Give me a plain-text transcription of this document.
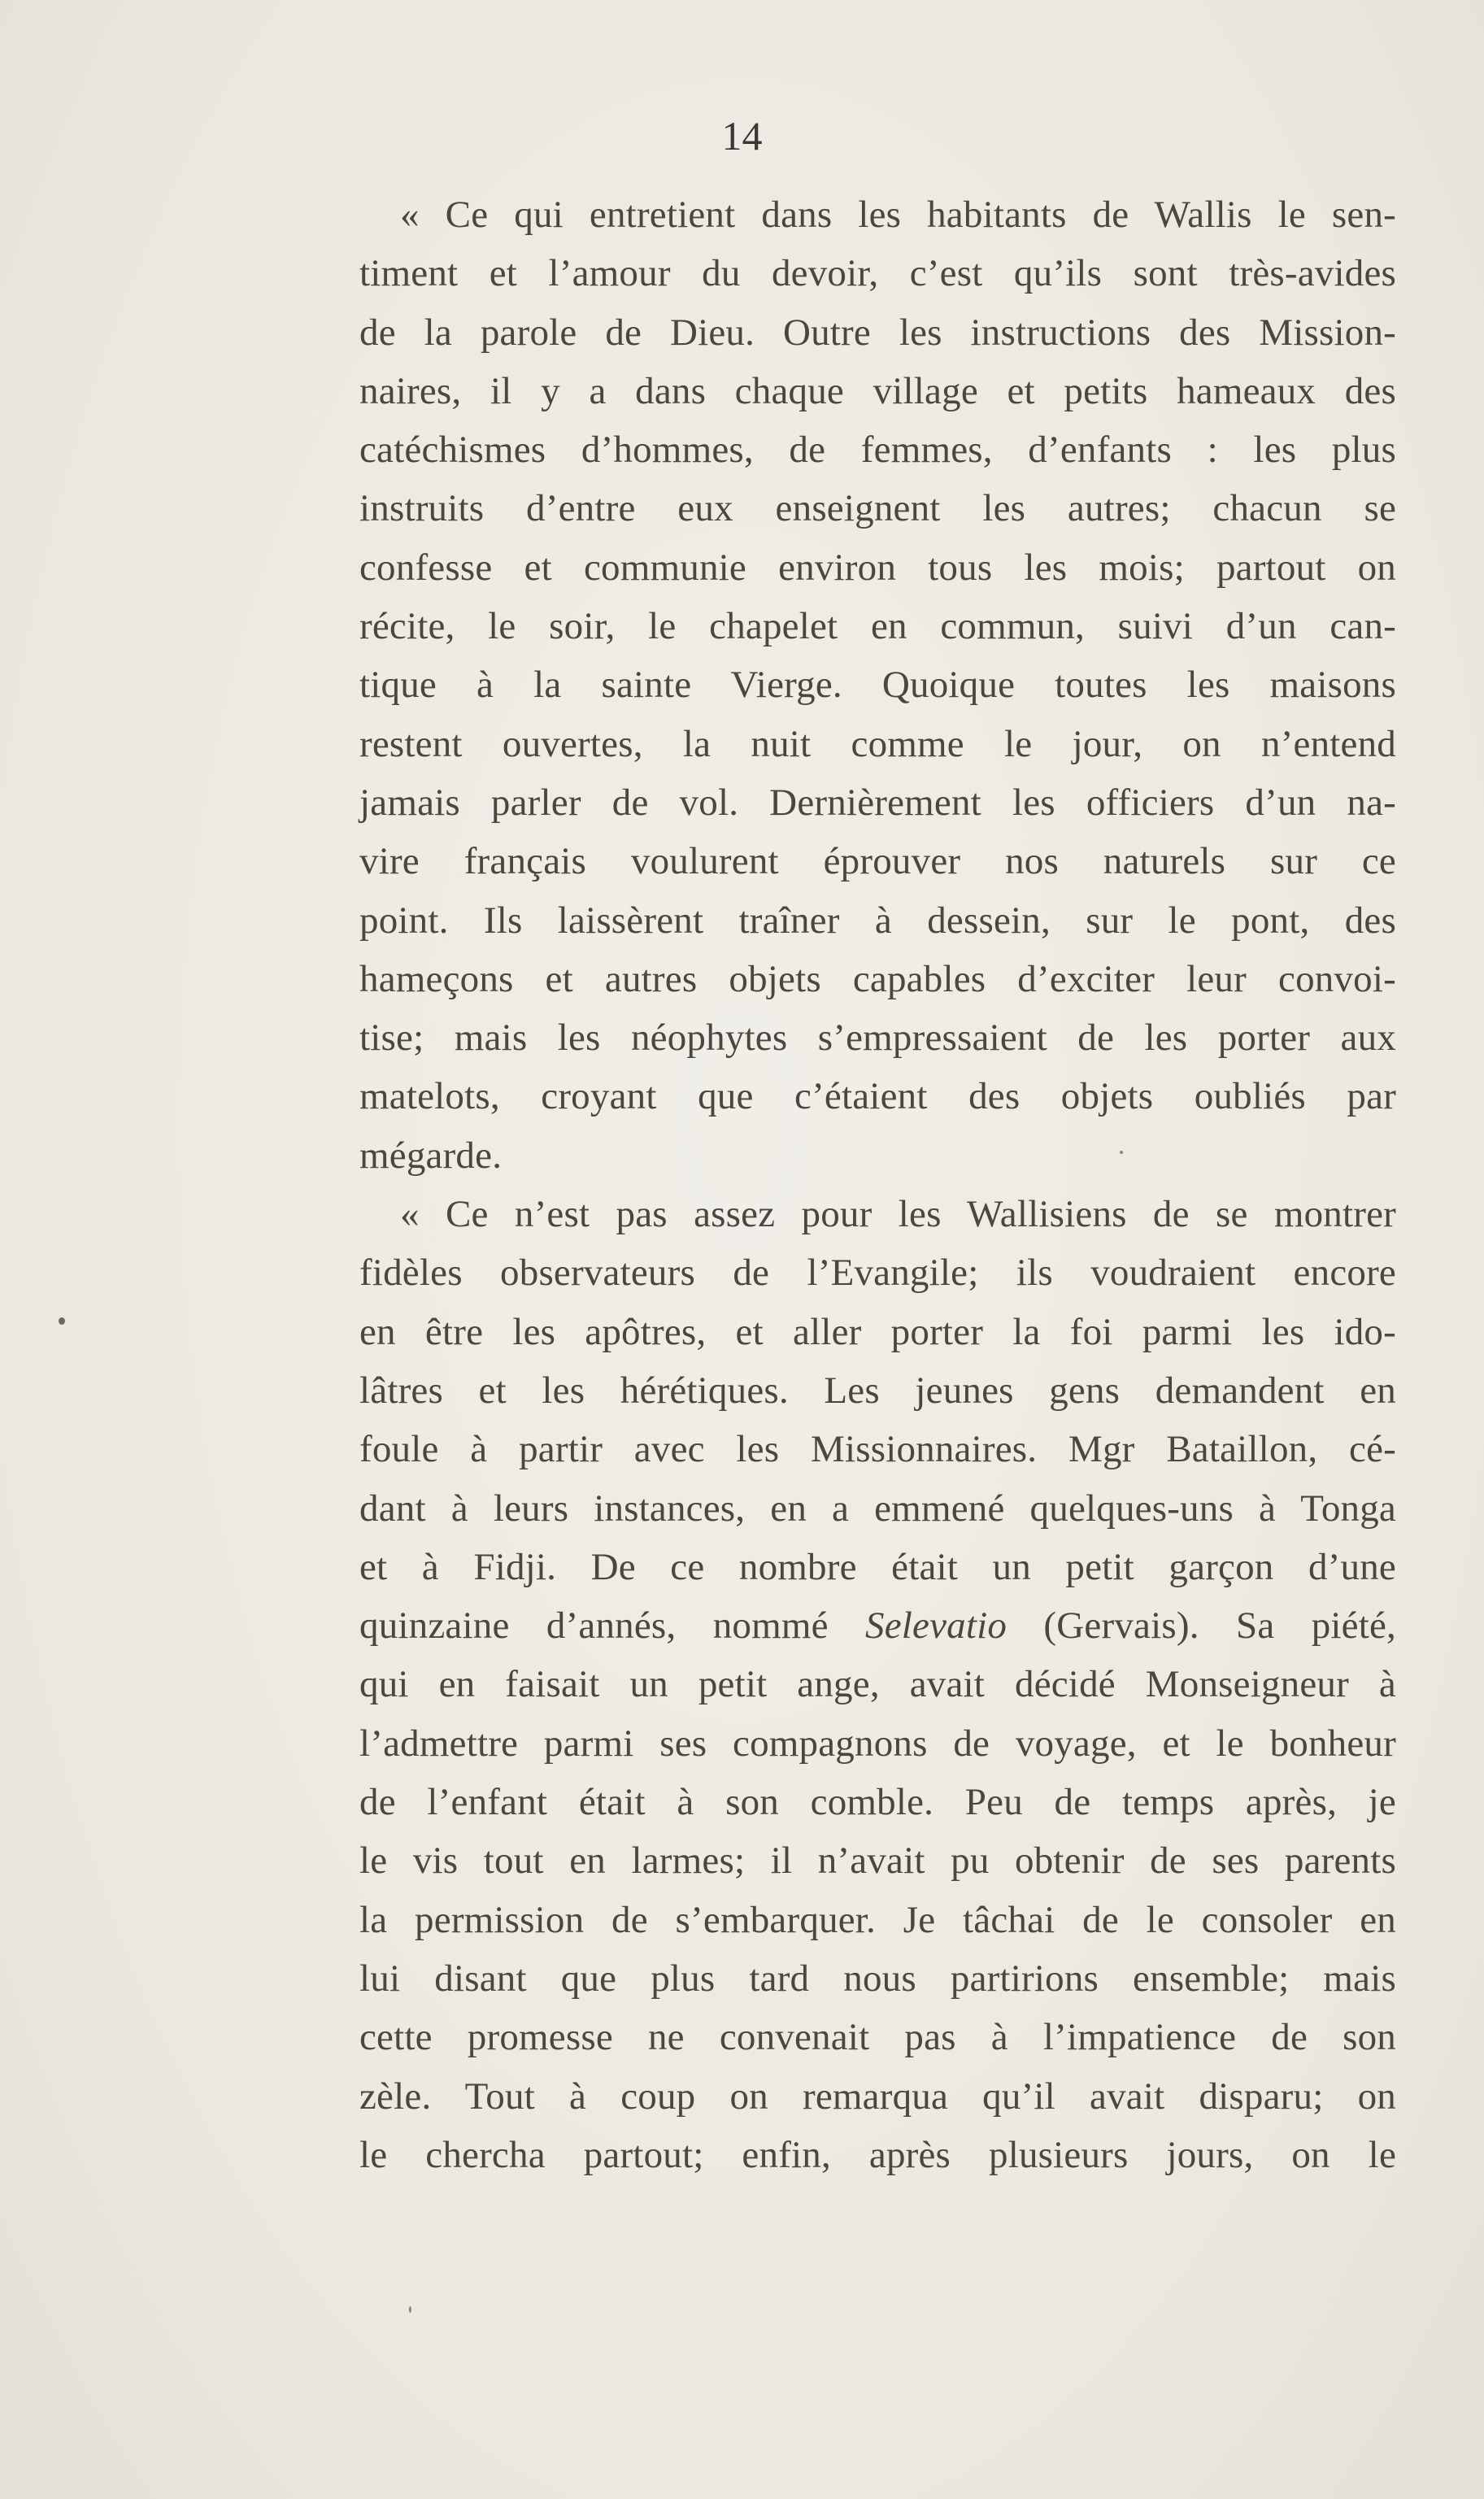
14

« Ce qui entretient dans les habitants de Wallis le sen-
timent et l’amour du devoir, c’est qu’ils sont très-avides
de la parole de Dieu. Outre les instructions des Mission-
naires, il y a dans chaque village et petits hameaux des
catéchismes d’hommes, de femmes, d’enfants : les plus
instruits d’entre eux enseignent les autres; chacun se
confesse et communie environ tous les mois; partout on
récite, le soir, le chapelet en commun, suivi d’un can-
tique à la sainte Vierge. Quoique toutes les maisons
restent ouvertes, la nuit comme le jour, on n’entend
jamais parler de vol. Dernièrement les officiers d’un na-
vire français voulurent éprouver nos naturels sur ce
point. Ils laissèrent traîner à dessein, sur le pont, des
hameçons et autres objets capables d’exciter leur convoi-
tise; mais les néophytes s’empressaient de les porter aux
matelots, croyant que c’étaient des objets oubliés par
mégarde.
« Ce n’est pas assez pour les Wallisiens de se montrer
fidèles observateurs de l’Evangile; ils voudraient encore
en être les apôtres, et aller porter la foi parmi les ido-
lâtres et les hérétiques. Les jeunes gens demandent en
foule à partir avec les Missionnaires. Mgr Bataillon, cé-
dant à leurs instances, en a emmené quelques-uns à Tonga
et à Fidji. De ce nombre était un petit garçon d’une
quinzaine d’annés, nommé Selevatio (Gervais). Sa piété,
qui en faisait un petit ange, avait décidé Monseigneur à
l’admettre parmi ses compagnons de voyage, et le bonheur
de l’enfant était à son comble. Peu de temps après, je
le vis tout en larmes; il n’avait pu obtenir de ses parents
la permission de s’embarquer. Je tâchai de le consoler en
lui disant que plus tard nous partirions ensemble; mais
cette promesse ne convenait pas à l’impatience de son
zèle. Tout à coup on remarqua qu’il avait disparu; on
le chercha partout; enfin, après plusieurs jours, on le
